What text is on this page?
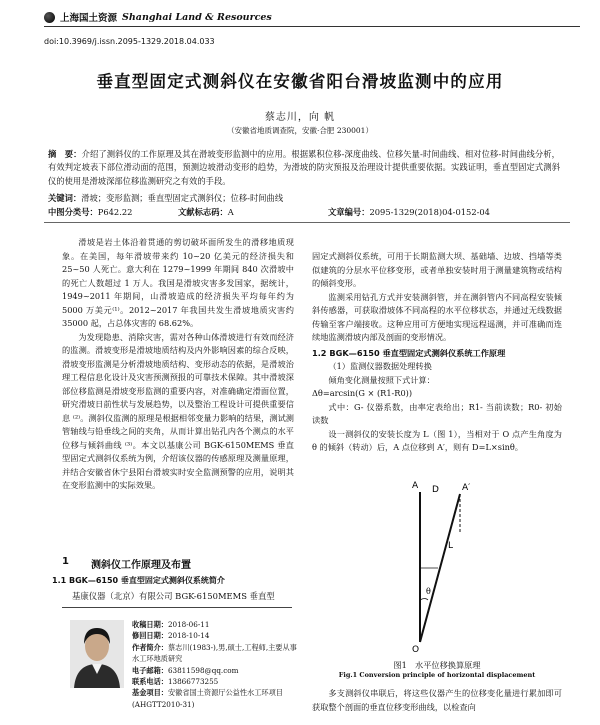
上海国土资源 Shanghai Land & Resources
doi:10.3969/j.issn.2095-1329.2018.04.033
垂直型固定式测斜仪在安徽省阳台滑坡监测中的应用
蔡志川，向 帆
（安徽省地质调查院，安徽·合肥 230001）
摘　要：介绍了测斜仪的工作原理及其在滑坡变形监测中的应用。根据累积位移-深度曲线、位移矢量-时间曲线、相对位移-时间曲线分析，有效判定坡表下部位滑动面的范围，预测边坡滑动变形的趋势，为滑坡的防灾预报及治理设计提供重要依据。实践证明，垂直型固定式测斜仪的使用是滑坡深部位移监测研究之有效的手段。
关键词：滑坡；变形监测；垂直型固定式测斜仪；位移-时间曲线
中图分类号：P642.22	文献标志码：A	文章编号：2095-1329(2018)04-0152-04

滑坡是岩土体沿着贯通的剪切破坏面所发生的滑移地质现象。在美国，每年滑坡带来约 10~20 亿美元的经济损失和 25~50 人死亡。意大利在 1279~1999 年期间 840 次滑坡中的死亡人数超过 1 万人。我国是滑坡灾害多发国家，据统计，1949~2011 年期间，山滑坡造成的经济损失平均每年约为 5000 万美元⁽¹⁾。2012~2017 年我国共发生滑坡地质灾害约 35000 起，占总体灾害的 68.62%。

为发现隐患、消除灾害，需对各种山体滑坡进行有效而经济的监测。滑坡变形是滑坡地质结构及内外影响因素的综合反映，滑坡变形监测是分析滑坡地质结构、变形动态的依据，是滑坡治理工程信息化设计及灾害预测预报的可靠技术保障。其中滑坡深部位移监测是滑坡变形监测的重要内容，对准确确定滑面位置，研究滑坡日前性状与发展趋势，以及整治工程设计可提供重要信息 ⁽²⁾。测斜仪监测的原理是根据相邻变量力影响的结果，测试测管轴线与铅垂线之间的夹角，从而计算出钻孔内各个测点的水平位移与倾斜曲线 ⁽³⁾。本文以基康公司 BGK-6150MEMS 垂直型固定式测斜仪系统为例，介绍该仪器的传感原理及测量原理，并结合安徽省休宁县阳台滑坡实时安全监测预警的应用，说明其在变形监测中的实际效果。

1 测斜仪工作原理及布置
1.1 BGK—6150 垂直型固定式测斜仪系统简介
基康仪器（北京）有限公司 BGK-6150MEMS 垂直型
收稿日期：2018-06-11
修回日期：2018-10-14
作者简介：蔡志川(1983-),男,硕士,工程师,主要从事水工环地质研究
电子邮箱：63811598@qq.com
联系电话：13866773255
基金项目：安徽省国土资源厅公益性水工环项目(AHGTT2010-31)

固定式测斜仪系统，可用于长期监测大坝、基础墙、边坡、挡墙等类似建筑的分层水平位移变形，或者单独安装时用于测量建筑物或结构的倾斜变形。

监测采用钻孔方式并安装测斜管，并在测斜管内不同高程安装倾斜传感器，可获取滑坡体不同高程的水平位移状态，并通过无线数据传输至客户端接收。这种应用可方便地实现远程遥测，并可准确而连续地监测滑坡内部及剖面的变形情况。

1.2 BGK—6150 垂直型固定式测斜仪系统工作原理

（1）监测仪器数据处理转换

倾角变化测量按照下式计算：

Δθ=arcsin(G × (R1-R0))

式中：G- 仪器系数，由率定表给出；R1- 当前读数；R0- 初始读数

设一测斜仪的安装长度为 L（图 1），当相对于 O 点产生角度为 θ 的倾斜（转动）后，A 点位移到 A′，则有 D=L×sinθ。

A	A′
D
L
θ
O
图1　水平位移换算原理
Fig.1 Conversion principle of horizontal displacement

多支测斜仪串联后，将这些仪器产生的位移变化量进行累加即可获取整个剖面的垂直位移变形曲线，以检查向
